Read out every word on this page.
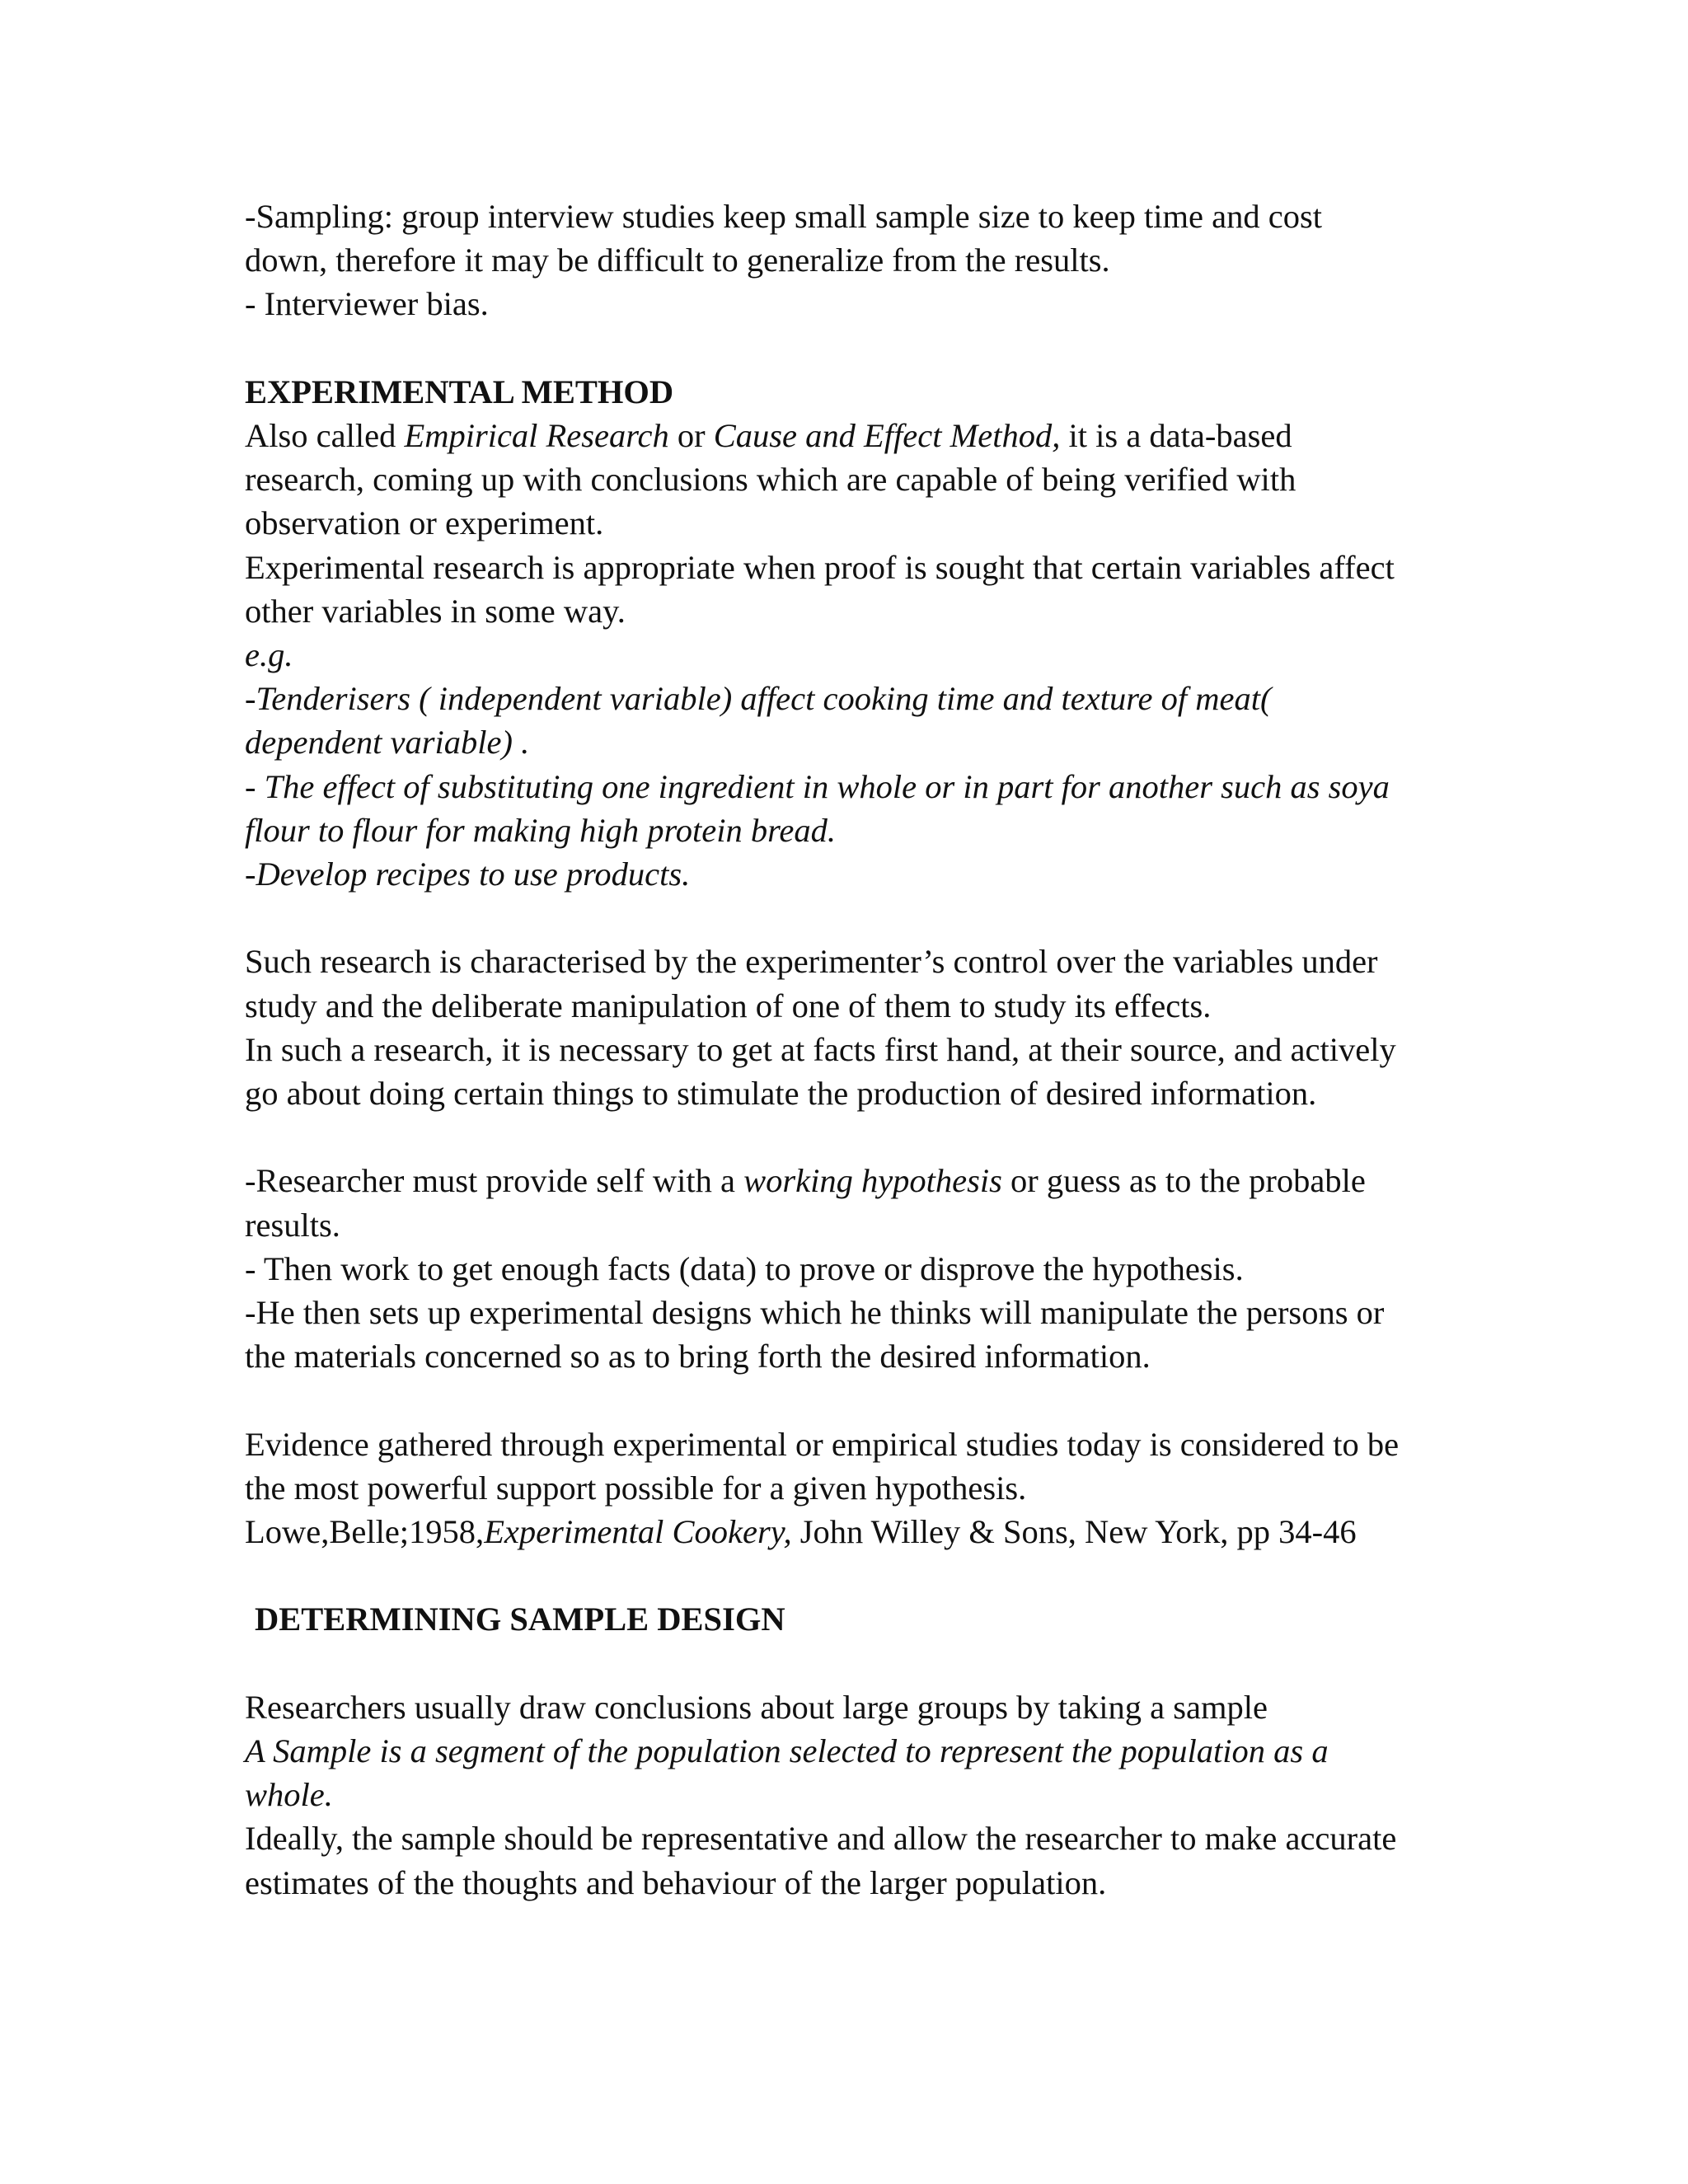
-Sampling: group interview studies keep small sample size to keep time and cost
down, therefore it may be difficult to generalize from the results.
- Interviewer bias.
EXPERIMENTAL METHOD
Also called Empirical Research or Cause and Effect Method, it is a data-based
research, coming up with conclusions which are capable of being verified with
observation or experiment.
Experimental research is appropriate when proof is sought that certain variables affect
other variables in some way.
e.g.
-Tenderisers ( independent variable) affect cooking time and texture of meat(
dependent variable) .
- The effect of substituting one ingredient in whole or in part for another such as soya
flour to flour for making high protein bread.
-Develop recipes to use products.
Such research is characterised by the experimenter’s control over the variables under
study and the deliberate manipulation of one of them to study its effects.
In such a research, it is necessary to get at facts first hand, at their source, and actively
go about doing certain things to stimulate the production of desired information.
-Researcher must provide self with a working hypothesis or guess as to the probable
results.
- Then work to get enough facts (data) to prove or disprove the hypothesis.
-He then sets up experimental designs which he thinks will manipulate the persons or
the materials concerned so as to bring forth the desired information.
Evidence gathered through experimental or empirical studies today is considered to be
the most powerful support possible for a given hypothesis.
Lowe,Belle;1958,Experimental Cookery, John Willey & Sons, New York, pp 34-46
DETERMINING SAMPLE DESIGN
Researchers usually draw conclusions about large groups by taking a sample
A Sample is a segment of the population selected to represent the population as a
whole.
Ideally, the sample should be representative and allow the researcher to make accurate
estimates of the thoughts and behaviour of the larger population.
